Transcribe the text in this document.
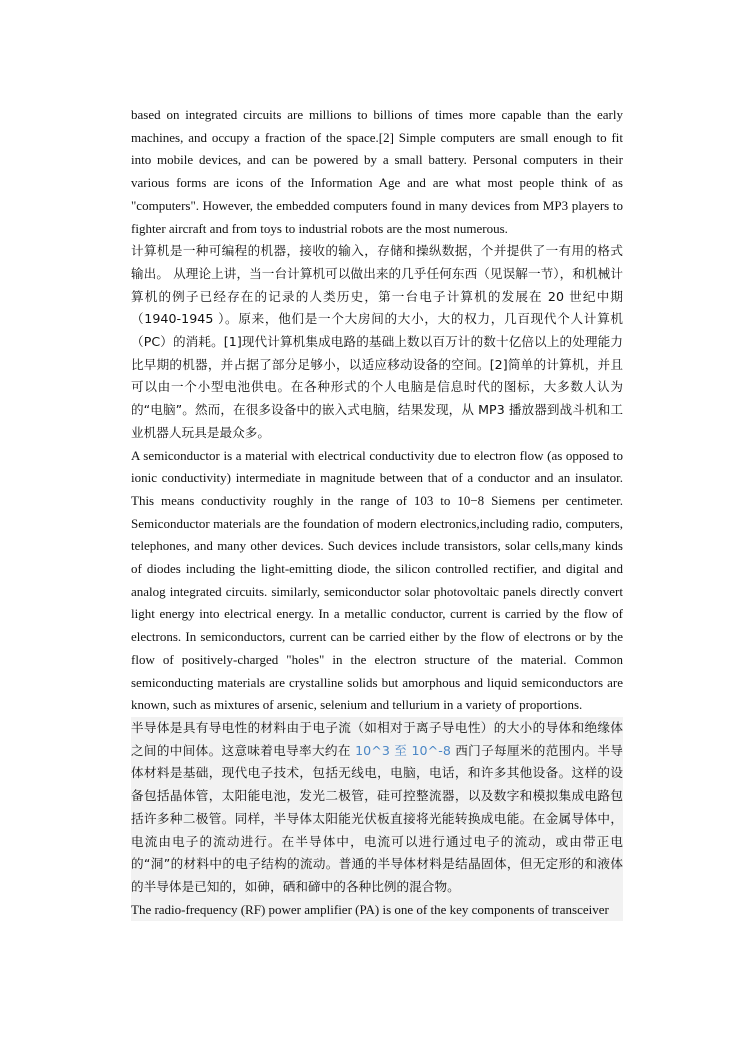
based on integrated circuits are millions to billions of times more capable than the early machines, and occupy a fraction of the space.[2] Simple computers are small enough to fit into mobile devices, and can be powered by a small battery. Personal computers in their various forms are icons of the Information Age and are what most people think of as "computers". However, the embedded computers found in many devices from MP3 players to fighter aircraft and from toys to industrial robots are the most numerous.

计算机是一种可编程的机器，接收的输入，存储和操纵数据，个并提供了一有用的格式输出。 从理论上讲，当一台计算机可以做出来的几乎任何东西（见误解一节），和机械计算机的例子已经存在的记录的人类历史，第一台电子计算机的发展在 20 世纪中期（1940-1945 ）。原来，他们是一个大房间的大小，大的权力，几百现代个人计算机（PC）的消耗。[1]现代计算机集成电路的基础上数以百万计的数十亿倍以上的处理能力比早期的机器，并占据了部分足够小，以适应移动设备的空间。[2]简单的计算机，并且可以由一个小型电池供电。在各种形式的个人电脑是信息时代的图标，大多数人认为的“电脑”。然而，在很多设备中的嵌入式电脑，结果发现，从 MP3 播放器到战斗机和工业机器人玩具是最众多。

A semiconductor is a material with electrical conductivity due to electron flow (as opposed to ionic conductivity) intermediate in magnitude between that of a conductor and an insulator. This means conductivity roughly in the range of 103 to 10−8 Siemens per centimeter. Semiconductor materials are the foundation of modern electronics,including radio, computers, telephones, and many other devices. Such devices include transistors, solar cells,many kinds of diodes including the light-emitting diode, the silicon controlled rectifier, and digital and analog integrated circuits. similarly, semiconductor solar photovoltaic panels directly convert light energy into electrical energy. In a metallic conductor, current is carried by the flow of electrons. In semiconductors, current can be carried either by the flow of electrons or by the flow of positively-charged "holes" in the electron structure of the material. Common semiconducting materials are crystalline solids but amorphous and liquid semiconductors are known, such as mixtures of arsenic, selenium and tellurium in a variety of proportions.

半导体是具有导电性的材料由于电子流（如相对于离子导电性）的大小的导体和绝缘体之间的中间体。这意味着电导率大约在 10^3 至 10^-8 西门子每厘米的范围内。半导体材料是基础，现代电子技术，包括无线电，电脑，电话，和许多其他设备。这样的设备包括晶体管，太阳能电池，发光二极管，硅可控整流器，以及数字和模拟集成电路包括许多种二极管。同样，半导体太阳能光伏板直接将光能转换成电能。在金属导体中，电流由电子的流动进行。在半导体中，电流可以进行通过电子的流动，或由带正电的“洞”的材料中的电子结构的流动。普通的半导体材料是结晶固体，但无定形的和液体的半导体是已知的，如砷，硒和碲中的各种比例的混合物。

The radio-frequency (RF) power amplifier (PA) is one of the key components of transceiver
